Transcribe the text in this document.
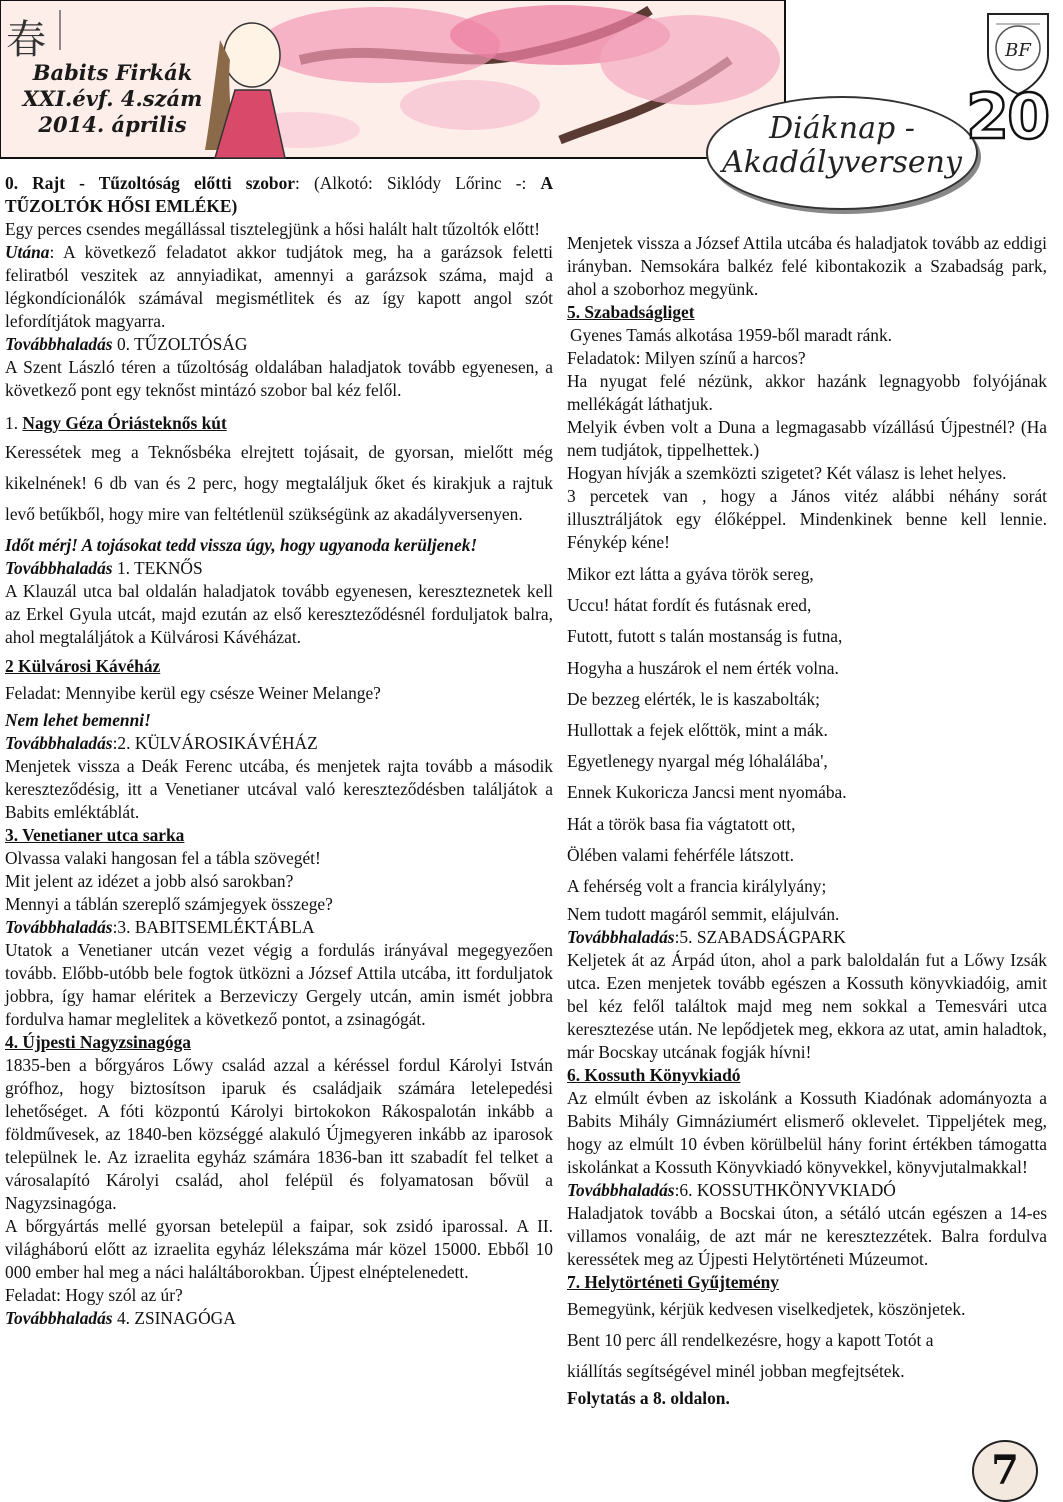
春
Babits Firkák
XXI.évf. 4.szám
2014. április
BF
Diáknap -
Akadályverseny
20

0. Rajt - Tűzoltóság előtti szobor: (Alkotó: Siklódy Lőrinc -: A TŰZOLTÓK HŐSI EMLÉKE)

Egy perces csendes megállással tisztelegjünk a hősi halált halt tűzoltók előtt!

Utána: A következő feladatot akkor tudjátok meg, ha a garázsok feletti feliratból veszitek az annyiadikat, amennyi a garázsok száma, majd a légkondícionálók számával megismétlitek és az így kapott angol szót lefordítjátok magyarra.

Továbbhaladás 0. TŰZOLTÓSÁG

A Szent László téren a tűzoltóság oldalában haladjatok tovább egyenesen, a következő pont egy teknőst mintázó szobor bal kéz felől.

1. Nagy Géza Óriásteknős kút

Keressétek meg a Teknősbéka elrejtett tojásait, de gyorsan, mielőtt még kikelnének! 6 db van és 2 perc, hogy megtaláljuk őket és kirakjuk a rajtuk levő betűkből, hogy mire van feltétlenül szükségünk az akadályversenyen.

Időt mérj! A tojásokat tedd vissza úgy, hogy ugyanoda kerüljenek!

Továbbhaladás 1. TEKNŐS

A Klauzál utca bal oldalán haladjatok tovább egyenesen, kereszteznetek kell az Erkel Gyula utcát, majd ezután az első kereszteződésnél forduljatok balra, ahol megtaláljátok a Külvárosi Kávéházat.

2 Külvárosi Kávéház

Feladat: Mennyibe kerül egy csésze Weiner Melange?

Nem lehet bemenni!

Továbbhaladás:2. KÜLVÁROSIKÁVÉHÁZ

Menjetek vissza a Deák Ferenc utcába, és menjetek rajta tovább a második kereszteződésig, itt a Venetianer utcával való kereszteződésben találjátok a Babits emléktáblát.

3. Venetianer utca sarka

Olvassa valaki hangosan fel a tábla szövegét!

Mit jelent az idézet a jobb alsó sarokban?

Mennyi a táblán szereplő számjegyek összege?

Továbbhaladás:3. BABITSEMLÉKTÁBLA

Utatok a Venetianer utcán vezet végig a fordulás irányával megegyezően tovább. Előbb-utóbb bele fogtok ütközni a József Attila utcába, itt forduljatok jobbra, így hamar eléritek a Berzeviczy Gergely utcán, amin ismét jobbra fordulva hamar meglelitek a következő pontot, a zsinagógát.

4. Újpesti Nagyzsinagóga

1835-ben a bőrgyáros Lőwy család azzal a kéréssel fordul Károlyi István grófhoz, hogy biztosítson iparuk és családjaik számára letelepedési lehetőséget. A fóti központú Károlyi birtokokon Rákospalotán inkább a földművesek, az 1840-ben községgé alakuló Újmegyeren inkább az iparosok települnek le. Az izraelita egyház számára 1836-ban itt szabadít fel telket a városalapító Károlyi család, ahol felépül és folyamatosan bővül a Nagyzsinagóga.

A bőrgyártás mellé gyorsan betelepül a faipar, sok zsidó iparossal. A II. világháború előtt az izraelita egyház lélekszáma már közel 15000. Ebből 10 000 ember hal meg a náci haláltáborokban. Újpest elnéptelenedett.

Feladat: Hogy szól az úr?

Továbbhaladás 4. ZSINAGÓGA

Menjetek vissza a József Attila utcába és haladjatok tovább az eddigi irányban. Nemsokára balkéz felé kibontakozik a Szabadság park, ahol a szoborhoz megyünk.

5. Szabadságliget

Gyenes Tamás alkotása 1959-ből maradt ránk.

Feladatok: Milyen színű a harcos?

Ha nyugat felé nézünk, akkor hazánk legnagyobb folyójának mellékágát láthatjuk.

Melyik évben volt a Duna a legmagasabb vízállású Újpestnél? (Ha nem tudjátok, tippelhettek.)

Hogyan hívják a szemközti szigetet? Két válasz is lehet helyes.

3 percetek van , hogy a János vitéz alábbi néhány sorát illusztráljátok egy élőképpel. Mindenkinek benne kell lennie. Fénykép kéne!

Mikor ezt látta a gyáva török sereg,

Uccu! hátat fordít és futásnak ered,

Futott, futott s talán mostanság is futna,

Hogyha a huszárok el nem érték volna.

De bezzeg elérték, le is kaszabolták;

Hullottak a fejek előttök, mint a mák.

Egyetlenegy nyargal még lóhalálába',

Ennek Kukoricza Jancsi ment nyomába.

Hát a török basa fia vágtatott ott,

Ölében valami fehérféle látszott.

A fehérség volt a francia királylyány;

Nem tudott magáról semmit, elájulván.

Továbbhaladás:5. SZABADSÁGPARK

Keljetek át az Árpád úton, ahol a park baloldalán fut a Lőwy Izsák utca. Ezen menjetek tovább egészen a Kossuth könyvkiadóig, amit bel kéz felől találtok majd meg nem sokkal a Temesvári utca keresztezése után. Ne lepődjetek meg, ekkora az utat, amin haladtok, már Bocskay utcának fogják hívni!

6. Kossuth Könyvkiadó

Az elmúlt évben az iskolánk a Kossuth Kiadónak adományozta a Babits Mihály Gimnáziumért elismerő oklevelet. Tippeljétek meg, hogy az elmúlt 10 évben körülbelül hány forint értékben támogatta iskolánkat a Kossuth Könyvkiadó könyvekkel, könyvjutalmakkal!

Továbbhaladás:6. KOSSUTHKÖNYVKIADÓ

Haladjatok tovább a Bocskai úton, a sétáló utcán egészen a 14-es villamos vonaláig, de azt már ne keresztezzétek. Balra fordulva keressétek meg az Újpesti Helytörténeti Múzeumot.

7. Helytörténeti Gyűjtemény

Bemegyünk, kérjük kedvesen viselkedjetek, köszönjetek.

Bent 10 perc áll rendelkezésre, hogy a kapott Totót a kiállítás segítségével minél jobban megfejtsétek.

Folytatás a 8. oldalon.

7
